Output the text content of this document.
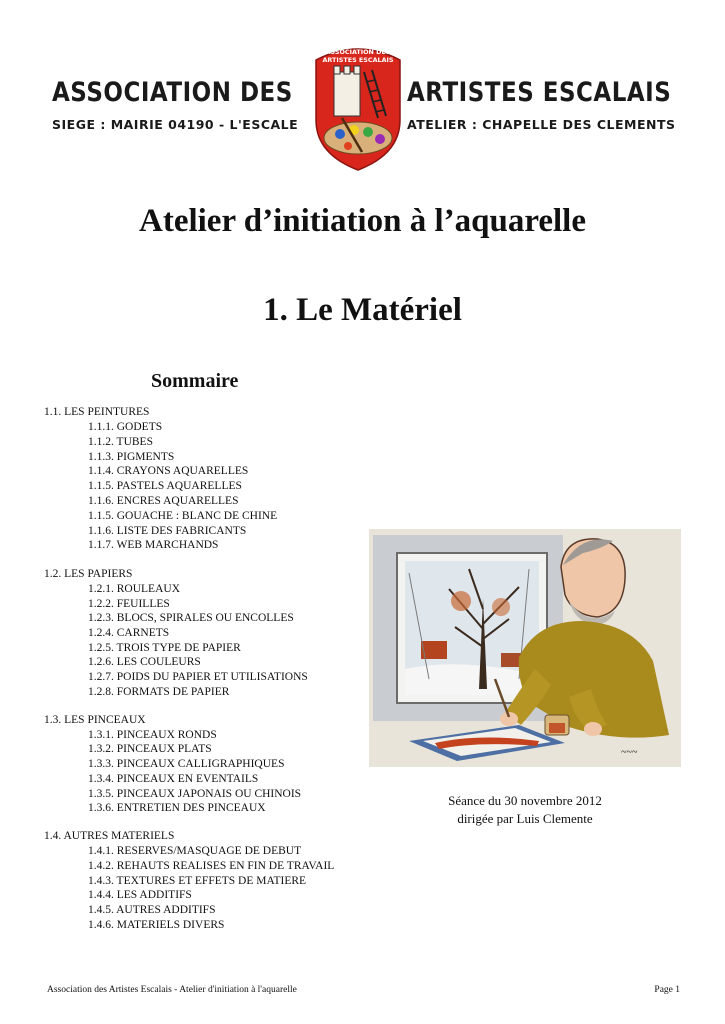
ASSOCIATION DES	ARTISTES ESCALAIS
SIEGE : MAIRIE 04190 - L'ESCALE	ATELIER : CHAPELLE DES CLEMENTS
ASSOCIATION DES
ARTISTES ESCALAIS
Atelier d’initiation à l’aquarelle
1. Le Matériel
Sommaire
1.1. LES PEINTURES
1.1.1. GODETS
1.1.2. TUBES
1.1.3. PIGMENTS
1.1.4. CRAYONS AQUARELLES
1.1.5. PASTELS AQUARELLES
1.1.6. ENCRES AQUARELLES
1.1.5. GOUACHE : BLANC DE CHINE
1.1.6. LISTE DES FABRICANTS
1.1.7. WEB MARCHANDS
1.2. LES PAPIERS
1.2.1. ROULEAUX
1.2.2. FEUILLES
1.2.3. BLOCS, SPIRALES OU ENCOLLES
1.2.4. CARNETS
1.2.5. TROIS TYPE DE PAPIER
1.2.6. LES COULEURS
1.2.7. POIDS DU PAPIER ET UTILISATIONS
1.2.8. FORMATS DE PAPIER
1.3. LES PINCEAUX
1.3.1. PINCEAUX RONDS
1.3.2. PINCEAUX PLATS
1.3.3. PINCEAUX CALLIGRAPHIQUES
1.3.4. PINCEAUX EN EVENTAILS
1.3.5. PINCEAUX JAPONAIS OU CHINOIS
1.3.6. ENTRETIEN DES PINCEAUX
1.4. AUTRES MATERIELS
1.4.1. RESERVES/MASQUAGE DE DEBUT
1.4.2. REHAUTS REALISES EN FIN DE TRAVAIL
1.4.3. TEXTURES ET EFFETS DE MATIERE
1.4.4. LES ADDITIFS
1.4.5. AUTRES ADDITIFS
1.4.6. MATERIELS DIVERS
~~~
Séance du 30 novembre 2012
dirigée par Luis Clemente
Association des Artistes Escalais - Atelier d'initiation à l'aquarelle	Page 1
